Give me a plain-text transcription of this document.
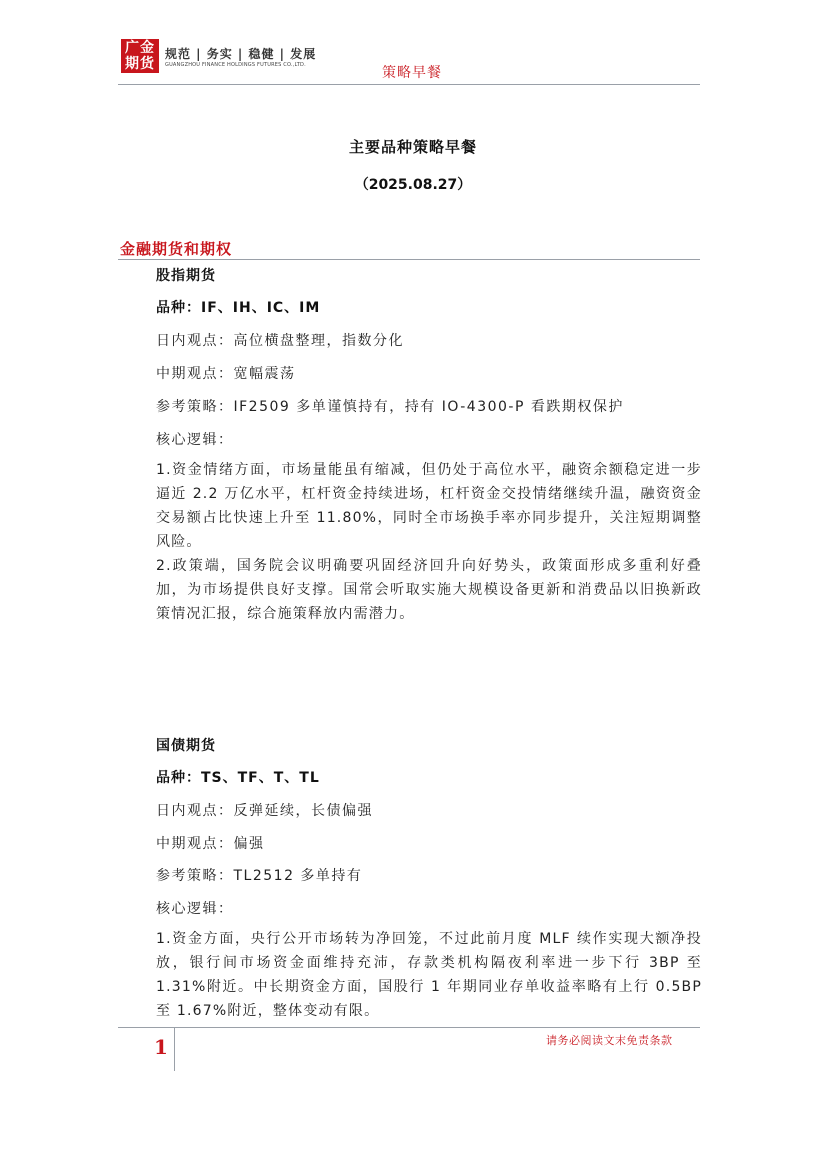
广金
期货
规范 | 务实 | 稳健 | 发展
GUANGZHOU FINANCE HOLDINGS FUTURES CO.,LTD.	策略早餐
主要品种策略早餐
（2025.08.27）
金融期货和期权
股指期货
品种：IF、IH、IC、IM
日内观点：高位横盘整理，指数分化
中期观点：宽幅震荡
参考策略：IF2509 多单谨慎持有，持有 IO-4300-P 看跌期权保护
核心逻辑：
1.资金情绪方面，市场量能虽有缩减，但仍处于高位水平，融资余额稳定进一步逼近 2.2 万亿水平，杠杆资金持续进场，杠杆资金交投情绪继续升温，融资资金交易额占比快速上升至 11.80%，同时全市场换手率亦同步提升，关注短期调整风险。
2.政策端，国务院会议明确要巩固经济回升向好势头，政策面形成多重利好叠加，为市场提供良好支撑。国常会听取实施大规模设备更新和消费品以旧换新政策情况汇报，综合施策释放内需潜力。
国债期货
品种：TS、TF、T、TL
日内观点：反弹延续，长债偏强
中期观点：偏强
参考策略：TL2512 多单持有
核心逻辑：
1.资金方面，央行公开市场转为净回笼，不过此前月度 MLF 续作实现大额净投放，银行间市场资金面维持充沛，存款类机构隔夜利率进一步下行 3BP 至 1.31%附近。中长期资金方面，国股行 1 年期同业存单收益率略有上行 0.5BP 至 1.67%附近，整体变动有限。
1	请务必阅读文末免责条款
